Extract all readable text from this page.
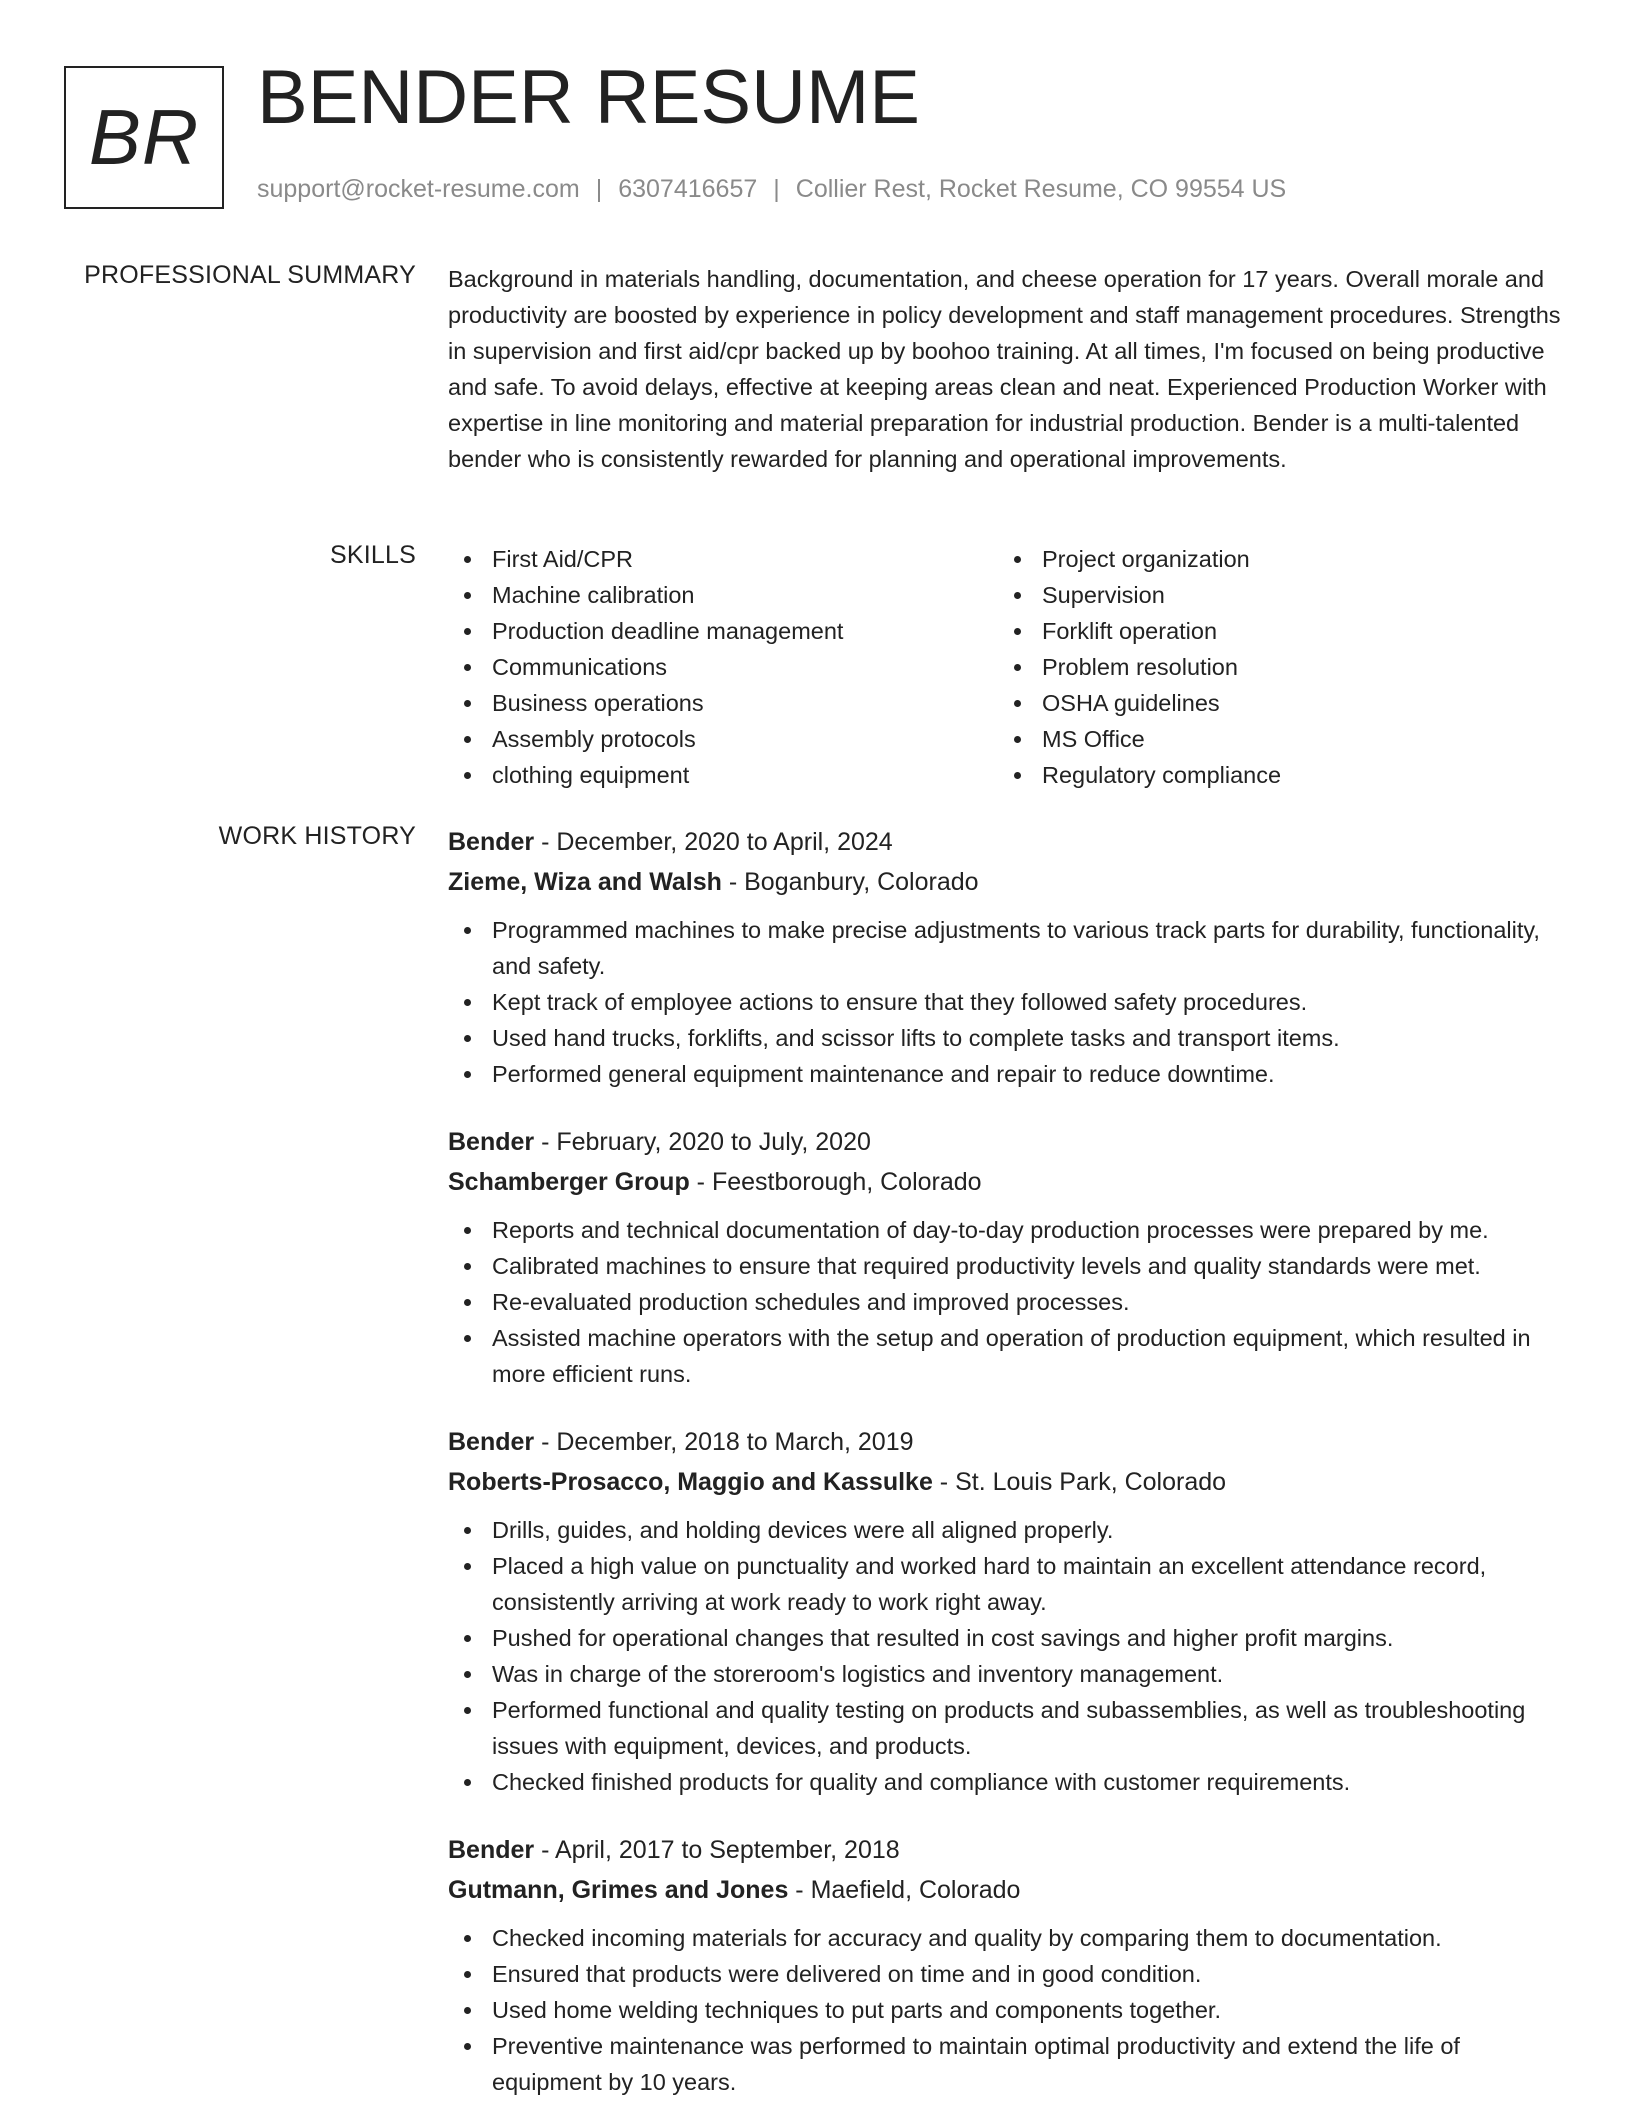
BR BENDER RESUME
support@rocket-resume.com | 6307416657 | Collier Rest, Rocket Resume, CO 99554 US
PROFESSIONAL SUMMARY Background in materials handling, documentation, and cheese operation for 17 years. Overall morale and productivity are boosted by experience in policy development and staff management procedures. Strengths in supervision and first aid/cpr backed up by boohoo training. At all times, I'm focused on being productive and safe. To avoid delays, effective at keeping areas clean and neat. Experienced Production Worker with expertise in line monitoring and material preparation for industrial production. Bender is a multi-talented bender who is consistently rewarded for planning and operational improvements.
SKILLS	First Aid/CPR
Machine calibration
Production deadline management
Communications
Business operations
Assembly protocols
clothing equipment
Project organization
Supervision
Forklift operation
Problem resolution
OSHA guidelines
MS Office
Regulatory compliance
WORK HISTORY Bender - December, 2020 to April, 2024
Zieme, Wiza and Walsh - Boganbury, Colorado
Programmed machines to make precise adjustments to various track parts for durability, functionality, and safety.
Kept track of employee actions to ensure that they followed safety procedures.
Used hand trucks, forklifts, and scissor lifts to complete tasks and transport items.
Performed general equipment maintenance and repair to reduce downtime.
Bender - February, 2020 to July, 2020
Schamberger Group - Feestborough, Colorado
Reports and technical documentation of day-to-day production processes were prepared by me.
Calibrated machines to ensure that required productivity levels and quality standards were met.
Re-evaluated production schedules and improved processes.
Assisted machine operators with the setup and operation of production equipment, which resulted in more efficient runs.
Bender - December, 2018 to March, 2019
Roberts-Prosacco, Maggio and Kassulke - St. Louis Park, Colorado
Drills, guides, and holding devices were all aligned properly.
Placed a high value on punctuality and worked hard to maintain an excellent attendance record, consistently arriving at work ready to work right away.
Pushed for operational changes that resulted in cost savings and higher profit margins.
Was in charge of the storeroom's logistics and inventory management.
Performed functional and quality testing on products and subassemblies, as well as troubleshooting issues with equipment, devices, and products.
Checked finished products for quality and compliance with customer requirements.
Bender - April, 2017 to September, 2018
Gutmann, Grimes and Jones - Maefield, Colorado
Checked incoming materials for accuracy and quality by comparing them to documentation.
Ensured that products were delivered on time and in good condition.
Used home welding techniques to put parts and components together.
Preventive maintenance was performed to maintain optimal productivity and extend the life of equipment by 10 years.
